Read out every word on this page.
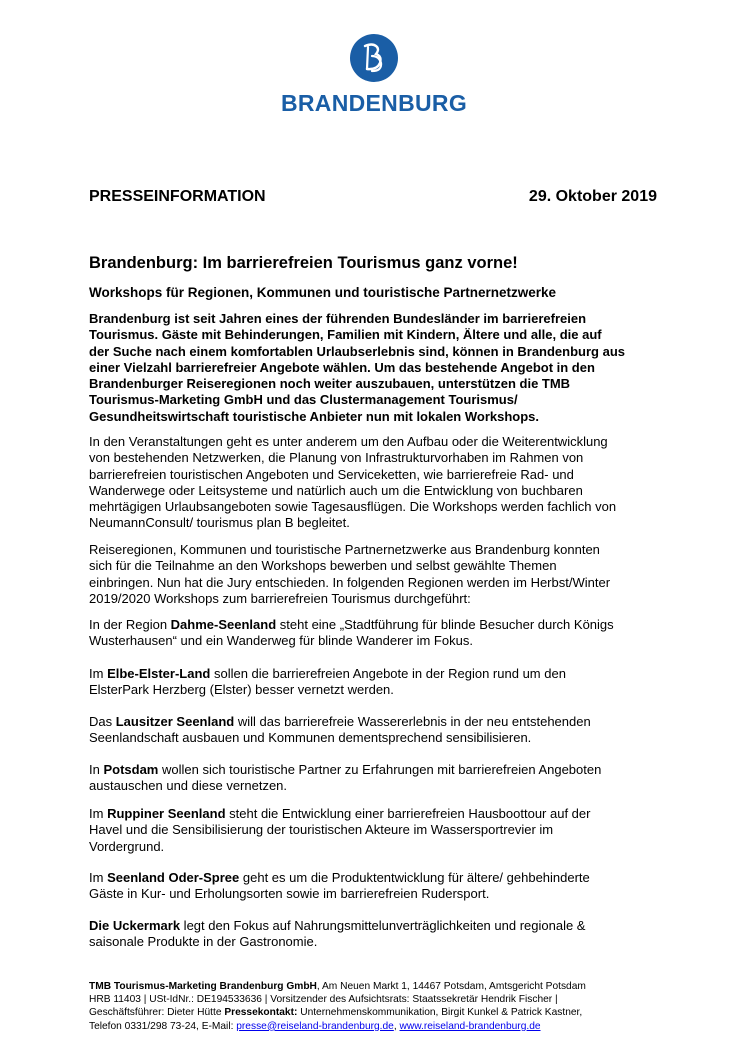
BRANDENBURG
PRESSEINFORMATION	29. Oktober 2019
Brandenburg: Im barrierefreien Tourismus ganz vorne!
Workshops für Regionen, Kommunen und touristische Partnernetzwerke
Brandenburg ist seit Jahren eines der führenden Bundesländer im barrierefreien
Tourismus. Gäste mit Behinderungen, Familien mit Kindern, Ältere und alle, die auf
der Suche nach einem komfortablen Urlaubserlebnis sind, können in Brandenburg aus
einer Vielzahl barrierefreier Angebote wählen. Um das bestehende Angebot in den
Brandenburger Reiseregionen noch weiter auszubauen, unterstützen die TMB
Tourismus-Marketing GmbH und das Clustermanagement Tourismus/
Gesundheitswirtschaft touristische Anbieter nun mit lokalen Workshops.
In den Veranstaltungen geht es unter anderem um den Aufbau oder die Weiterentwicklung
von bestehenden Netzwerken, die Planung von Infrastrukturvorhaben im Rahmen von
barrierefreien touristischen Angeboten und Serviceketten, wie barrierefreie Rad- und
Wanderwege oder Leitsysteme und natürlich auch um die Entwicklung von buchbaren
mehrtägigen Urlaubsangeboten sowie Tagesausflügen. Die Workshops werden fachlich von
NeumannConsult/ tourismus plan B begleitet.
Reiseregionen, Kommunen und touristische Partnernetzwerke aus Brandenburg konnten
sich für die Teilnahme an den Workshops bewerben und selbst gewählte Themen
einbringen. Nun hat die Jury entschieden. In folgenden Regionen werden im Herbst/Winter
2019/2020 Workshops zum barrierefreien Tourismus durchgeführt:
In der Region Dahme-Seenland steht eine „Stadtführung für blinde Besucher durch Königs
Wusterhausen“ und ein Wanderweg für blinde Wanderer im Fokus.
Im Elbe-Elster-Land sollen die barrierefreien Angebote in der Region rund um den
ElsterPark Herzberg (Elster) besser vernetzt werden.
Das Lausitzer Seenland will das barrierefreie Wassererlebnis in der neu entstehenden
Seenlandschaft ausbauen und Kommunen dementsprechend sensibilisieren.
In Potsdam wollen sich touristische Partner zu Erfahrungen mit barrierefreien Angeboten
austauschen und diese vernetzen.
Im Ruppiner Seenland steht die Entwicklung einer barrierefreien Hausboottour auf der
Havel und die Sensibilisierung der touristischen Akteure im Wassersportrevier im
Vordergrund.
Im Seenland Oder-Spree geht es um die Produktentwicklung für ältere/ gehbehinderte
Gäste in Kur- und Erholungsorten sowie im barrierefreien Rudersport.
Die Uckermark legt den Fokus auf Nahrungsmittelunverträglichkeiten und regionale &
saisonale Produkte in der Gastronomie.
TMB Tourismus-Marketing Brandenburg GmbH, Am Neuen Markt 1, 14467 Potsdam, Amtsgericht Potsdam
HRB 11403 | USt-IdNr.: DE194533636 | Vorsitzender des Aufsichtsrats: Staatssekretär Hendrik Fischer |
Geschäftsführer: Dieter Hütte Pressekontakt: Unternehmenskommunikation, Birgit Kunkel & Patrick Kastner,
Telefon 0331/298 73-24, E-Mail: presse@reiseland-brandenburg.de, www.reiseland-brandenburg.de
